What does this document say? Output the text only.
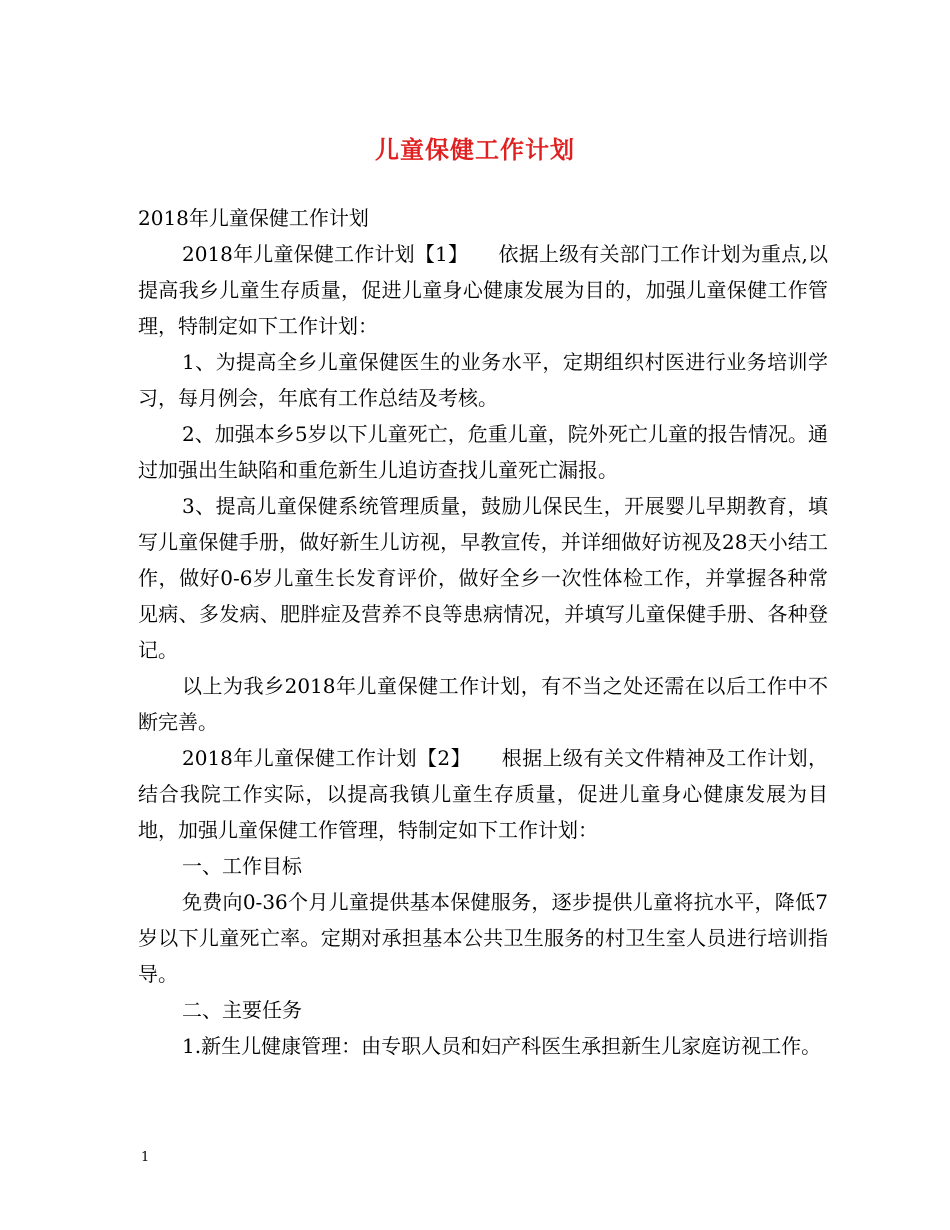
儿童保健工作计划

2018年儿童保健工作计划

2018年儿童保健工作计划【1】　　依据上级有关部门工作计划为重点,以提高我乡儿童生存质量，促进儿童身心健康发展为目的，加强儿童保健工作管理，特制定如下工作计划：

1、为提高全乡儿童保健医生的业务水平，定期组织村医进行业务培训学习，每月例会，年底有工作总结及考核。

2、加强本乡5岁以下儿童死亡，危重儿童，院外死亡儿童的报告情况。通过加强出生缺陷和重危新生儿追访查找儿童死亡漏报。

3、提高儿童保健系统管理质量，鼓励儿保民生，开展婴儿早期教育，填写儿童保健手册，做好新生儿访视，早教宣传，并详细做好访视及28天小结工作，做好0-6岁儿童生长发育评价，做好全乡一次性体检工作，并掌握各种常见病、多发病、肥胖症及营养不良等患病情况，并填写儿童保健手册、各种登记。

以上为我乡2018年儿童保健工作计划，有不当之处还需在以后工作中不断完善。

2018年儿童保健工作计划【2】　　根据上级有关文件精神及工作计划，结合我院工作实际，以提高我镇儿童生存质量，促进儿童身心健康发展为目地，加强儿童保健工作管理，特制定如下工作计划：

一、工作目标

免费向0-36个月儿童提供基本保健服务，逐步提供儿童将抗水平，降低7岁以下儿童死亡率。定期对承担基本公共卫生服务的村卫生室人员进行培训指导。

二、主要任务

1.新生儿健康管理：由专职人员和妇产科医生承担新生儿家庭访视工作。

1
